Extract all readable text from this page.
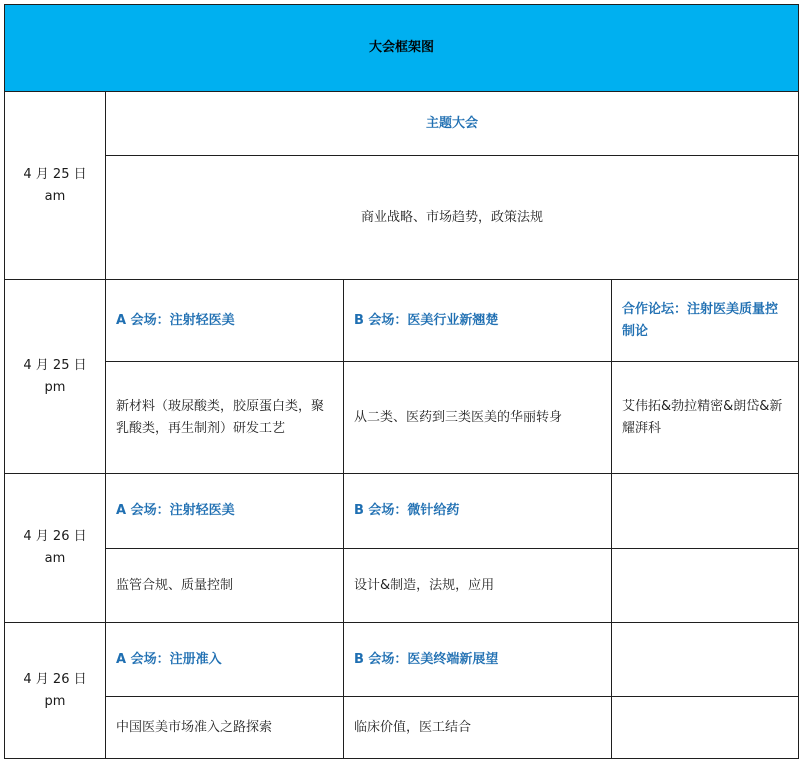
大会框架图			
4 月 25 日
am	主题大会		
	商业战略、市场趋势，政策法规		
4 月 25 日
pm	A 会场：注射轻医美	B 会场：医美行业新翘楚	合作论坛：注射医美质量控制论
	新材料（玻尿酸类，胶原蛋白类，聚乳酸类，再生制剂）研发工艺	从二类、医药到三类医美的华丽转身	艾伟拓&勃拉精密&朗岱&新耀湃科
4 月 26 日
am	A 会场：注射轻医美	B 会场：微针给药	
	监管合规、质量控制	设计&制造，法规，应用	
4 月 26 日
pm	A 会场：注册准入	B 会场：医美终端新展望	
	中国医美市场准入之路探索	临床价值，医工结合	
